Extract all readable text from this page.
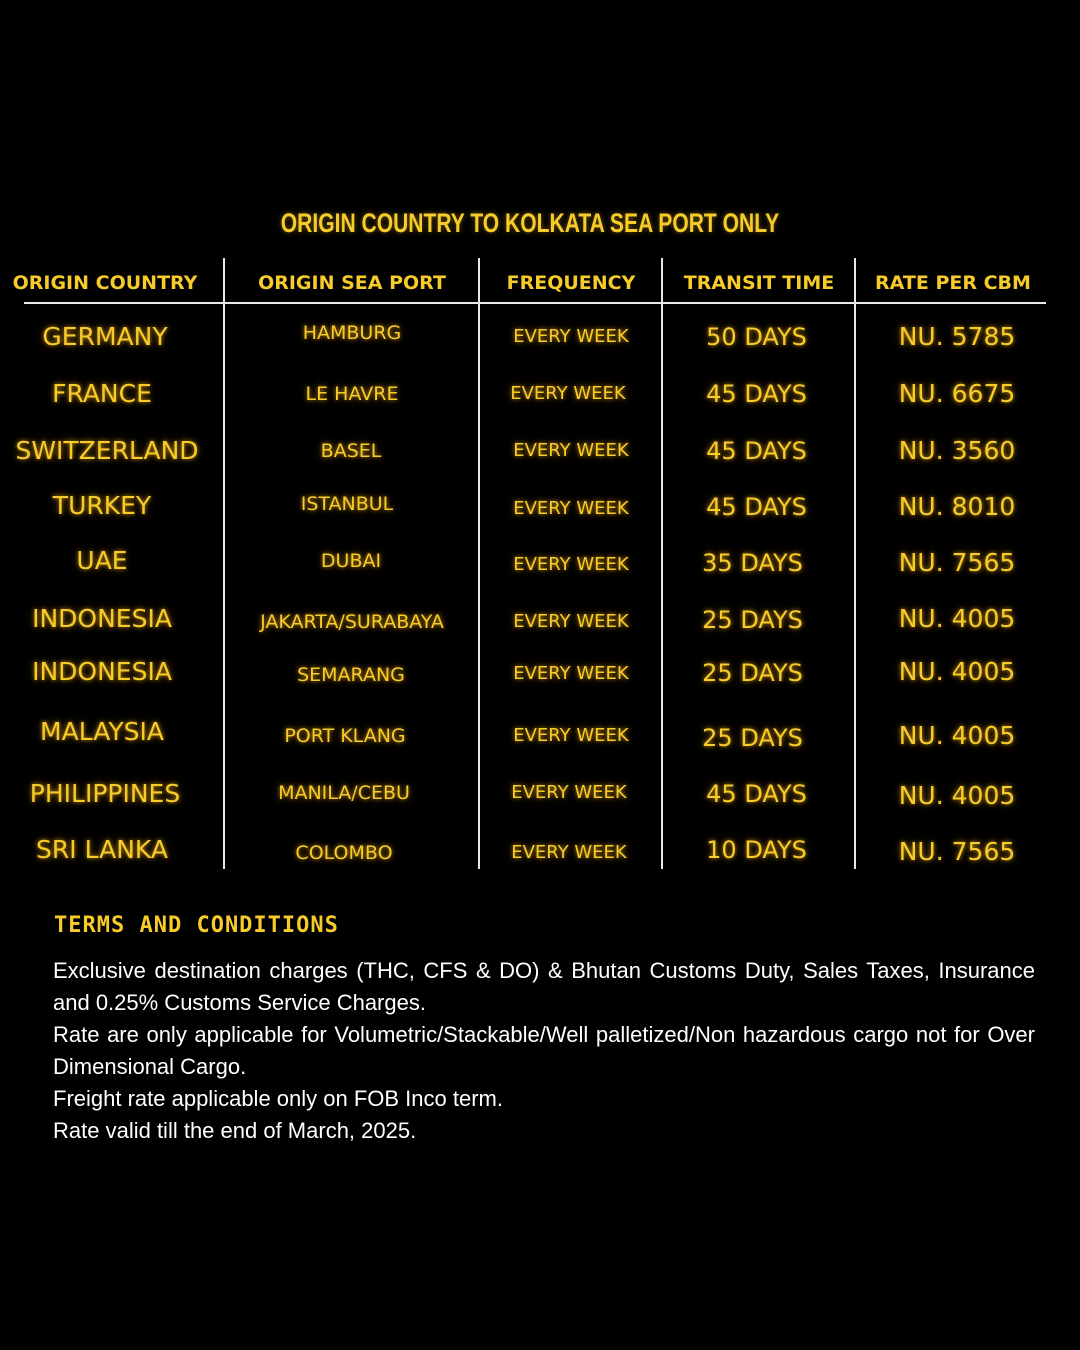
ORIGIN COUNTRY TO KOLKATA SEA PORT ONLY
ORIGIN COUNTRY	ORIGIN SEA PORT	FREQUENCY	TRANSIT TIME	RATE PER CBM
GERMANY	HAMBURG	EVERY WEEK	50 DAYS	NU. 5785
FRANCE	LE HAVRE	EVERY WEEK	45 DAYS	NU. 6675
SWITZERLAND	BASEL	EVERY WEEK	45 DAYS	NU. 3560
TURKEY	ISTANBUL	EVERY WEEK	45 DAYS	NU. 8010
UAE	DUBAI	EVERY WEEK	35 DAYS	NU. 7565
INDONESIA	JAKARTA/SURABAYA	EVERY WEEK	25 DAYS	NU. 4005
INDONESIA	SEMARANG	EVERY WEEK	25 DAYS	NU. 4005
MALAYSIA	PORT KLANG	EVERY WEEK	25 DAYS	NU. 4005
PHILIPPINES	MANILA/CEBU	EVERY WEEK	45 DAYS	NU. 4005
SRI LANKA	COLOMBO	EVERY WEEK	10 DAYS	NU. 7565
TERMS AND CONDITIONS

Exclusive destination charges (THC, CFS & DO) & Bhutan Customs Duty, Sales Taxes, Insurance and 0.25% Customs Service Charges.

Rate are only applicable for Volumetric/Stackable/Well palletized/Non hazardous cargo not for Over Dimensional Cargo.

Freight rate applicable only on FOB Inco term.

Rate valid till the end of March, 2025.
